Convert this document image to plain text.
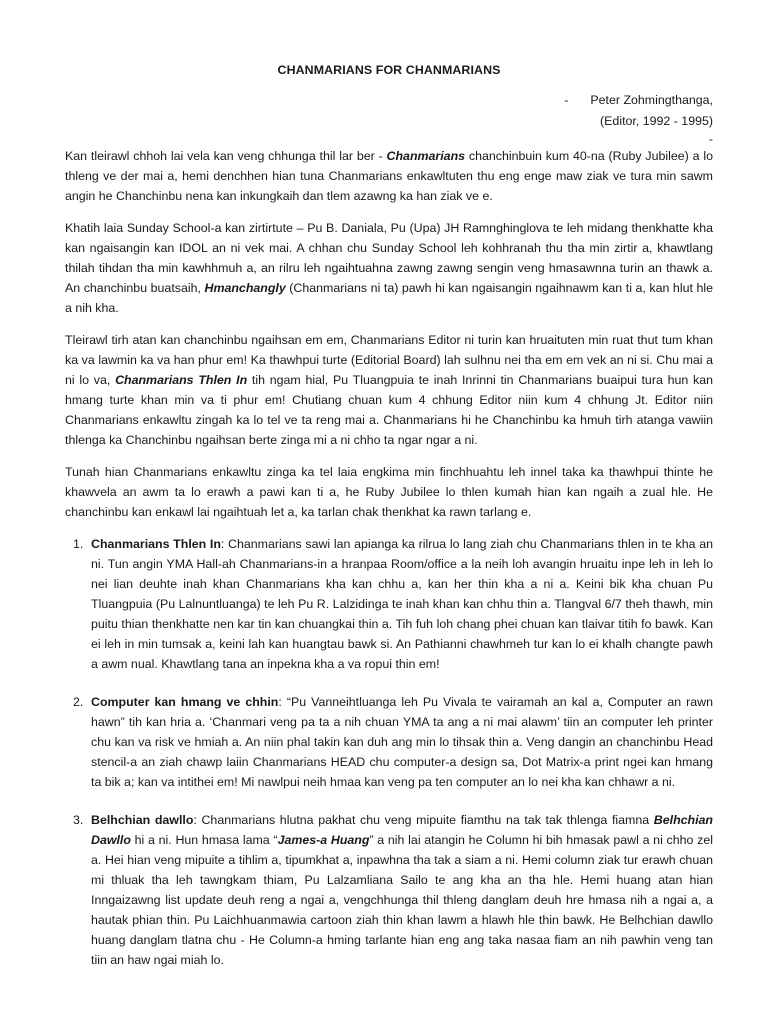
CHANMARIANS FOR CHANMARIANS
- Peter Zohmingthanga,
(Editor, 1992 - 1995)
-

Kan tleirawl chhoh lai vela kan veng chhunga thil lar ber - Chanmarians chanchinbuin kum 40-na (Ruby Jubilee) a lo thleng ve der mai a, hemi denchhen hian tuna Chanmarians enkawltuten thu eng enge maw ziak ve tura min sawm angin he Chanchinbu nena kan inkungkaih dan tlem azawng ka han ziak ve e.

Khatih laia Sunday School-a kan zirtirtute – Pu B. Daniala, Pu (Upa) JH Ramnghinglova te leh midang thenkhatte kha kan ngaisangin kan IDOL an ni vek mai. A chhan chu Sunday School leh kohhranah thu tha min zirtir a, khawtlang thilah tihdan tha min kawhhmuh a, an rilru leh ngaihtuahna zawng zawng sengin veng hmasawnna turin an thawk a. An chanchinbu buatsaih, Hmanchangly (Chanmarians ni ta) pawh hi kan ngaisangin ngaihnawm kan ti a, kan hlut hle a nih kha.

Tleirawl tirh atan kan chanchinbu ngaihsan em em, Chanmarians Editor ni turin kan hruaituten min ruat thut tum khan ka va lawmin ka va han phur em! Ka thawhpui turte (Editorial Board) lah sulhnu nei tha em em vek an ni si. Chu mai a ni lo va, Chanmarians Thlen In tih ngam hial, Pu Tluangpuia te inah Inrinni tin Chanmarians buaipui tura hun kan hmang turte khan min va ti phur em! Chutiang chuan kum 4 chhung Editor niin kum 4 chhung Jt. Editor niin Chanmarians enkawltu zingah ka lo tel ve ta reng mai a. Chanmarians hi he Chanchinbu ka hmuh tirh atanga vawiin thlenga ka Chanchinbu ngaihsan berte zinga mi a ni chho ta ngar ngar a ni.

Tunah hian Chanmarians enkawltu zinga ka tel laia engkima min finchhuahtu leh innel taka ka thawhpui thinte he khawvela an awm ta lo erawh a pawi kan ti a, he Ruby Jubilee lo thlen kumah hian kan ngaih a zual hle. He chanchinbu kan enkawl lai ngaihtuah let a, ka tarlan chak thenkhat ka rawn tarlang e.

1. Chanmarians Thlen In: Chanmarians sawi lan apianga ka rilrua lo lang ziah chu Chanmarians thlen in te kha an ni. Tun angin YMA Hall-ah Chanmarians-in a hranpaa Room/office a la neih loh avangin hruaitu inpe leh in leh lo nei lian deuhte inah khan Chanmarians kha kan chhu a, kan her thin kha a ni a. Keini bik kha chuan Pu Tluangpuia (Pu Lalnuntluanga) te leh Pu R. Lalzidinga te inah khan kan chhu thin a. Tlangval 6/7 theh thawh, min puitu thian thenkhatte nen kar tin kan chuangkai thin a. Tih fuh loh chang phei chuan kan tlaivar titih fo bawk. Kan ei leh in min tumsak a, keini lah kan huangtau bawk si. An Pathianni chawhmeh tur kan lo ei khalh changte pawh a awm nual. Khawtlang tana an inpekna kha a va ropui thin em!
2. Computer kan hmang ve chhin: “Pu Vanneihtluanga leh Pu Vivala te vairamah an kal a, Computer an rawn hawn” tih kan hria a. ‘Chanmari veng pa ta a nih chuan YMA ta ang a ni mai alawm’ tiin an computer leh printer chu kan va risk ve hmiah a. An niin phal takin kan duh ang min lo tihsak thin a. Veng dangin an chanchinbu Head stencil-a an ziah chawp laiin Chanmarians HEAD chu computer-a design sa, Dot Matrix-a print ngei kan hmang ta bik a; kan va intithei em! Mi nawlpui neih hmaa kan veng pa ten computer an lo nei kha kan chhawr a ni.
3. Belhchian dawllo: Chanmarians hlutna pakhat chu veng mipuite fiamthu na tak tak thlenga fiamna Belhchian Dawllo hi a ni. Hun hmasa lama “James-a Huang” a nih lai atangin he Column hi bih hmasak pawl a ni chho zel a. Hei hian veng mipuite a tihlim a, tipumkhat a, inpawhna tha tak a siam a ni. Hemi column ziak tur erawh chuan mi thluak tha leh tawngkam thiam, Pu Lalzamliana Sailo te ang kha an tha hle. Hemi huang atan hian Inngaizawng list update deuh reng a ngai a, vengchhunga thil thleng danglam deuh hre hmasa nih a ngai a, a hautak phian thin. Pu Laichhuanmawia cartoon ziah thin khan lawm a hlawh hle thin bawk. He Belhchian dawllo huang danglam tlatna chu - He Column-a hming tarlante hian eng ang taka nasaa fiam an nih pawhin veng tan tiin an haw ngai miah lo.
